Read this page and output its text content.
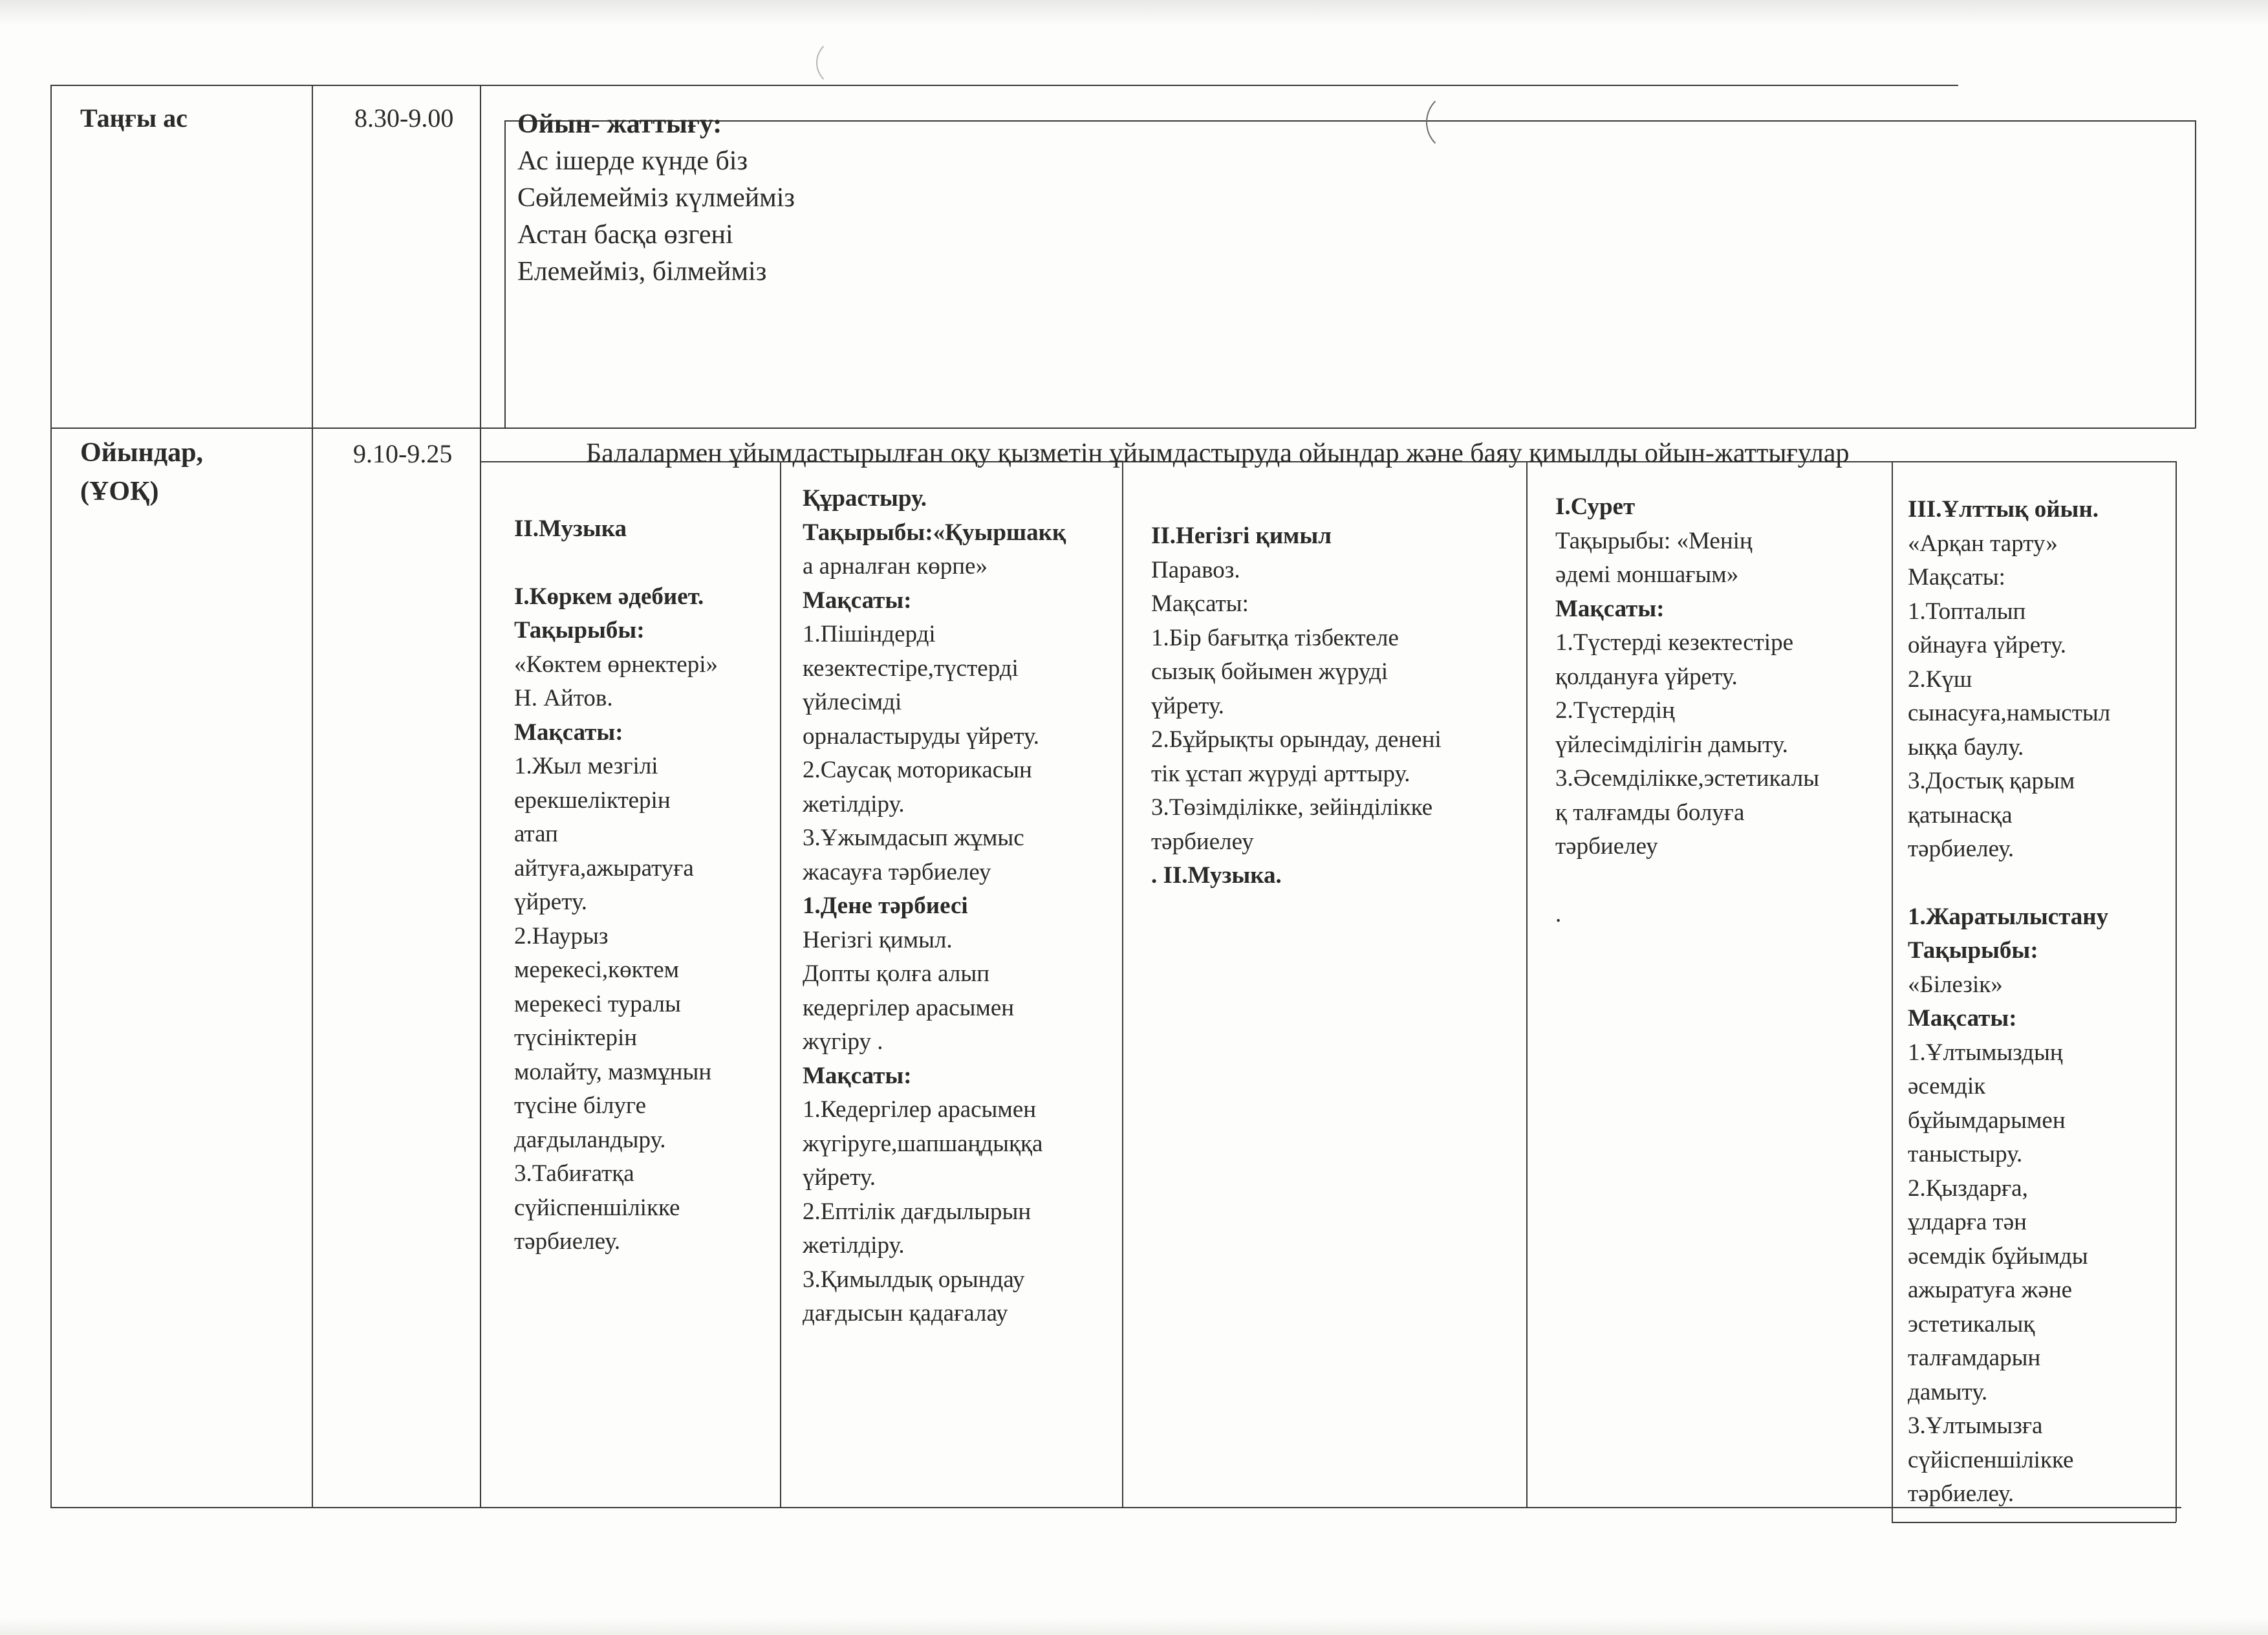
Таңғы ас	8.30-9.00 Ойын- жаттығу:
Ас ішерде күнде біз
Сөйлемейміз күлмейміз
Астан басқа өзгені
Елемейміз, білмейміз
Ойындар,
(ҰОҚ)
9.10-9.25	Балалармен ұйымдастырылған оқу қызметін ұйымдастыруда ойындар және баяу қимылды ойын-жаттығулар
ІІ.Музыка
І.Көркем әдебиет.
Тақырыбы:
«Көктем өрнектері»
Н. Айтов.
Мақсаты:
1.Жыл мезгілі
ерекшеліктерін
атап
айтуға,ажыратуға
үйрету.
2.Наурыз
мерекесі,көктем
мерекесі туралы
түсініктерін
молайту, мазмұнын
түсіне білуге
дағдыландыру.
3.Табиғатқа
сүйіспеншілікке
тәрбиелеу.
Құрастыру.
Тақырыбы:«Қуыршакқ
а арналған көрпе»
Мақсаты:
1.Пішіндерді
кезектестіре,түстерді
үйлесімді
орналастыруды үйрету.
2.Саусақ моторикасын
жетілдіру.
3.Ұжымдасып жұмыс
жасауға тәрбиелеу
1.Дене тәрбиесі
Негізгі қимыл.
Допты қолға алып
кедергілер арасымен
жүгіру .
Мақсаты:
1.Кедергілер арасымен
жүгіруге,шапшаңдыққа
үйрету.
2.Ептілік дағдылырын
жетілдіру.
3.Қимылдық орындау
дағдысын қадағалау
ІІ.Негізгі қимыл
Паравоз.
Мақсаты:
1.Бір бағытқа тізбектеле
сызық бойымен жүруді
үйрету.
2.Бұйрықты орындау, денені
тік ұстап жүруді арттыру.
3.Төзімділікке, зейінділікке
тәрбиелеу
. ІІ.Музыка.
І.Сурет
Тақырыбы: «Менің
әдемі моншағым»
Мақсаты:
1.Түстерді кезектестіре
қолдануға үйрету.
2.Түстердің
үйлесімділігін дамыту.
3.Әсемділікке,эстетикалы
қ талғамды болуға
тәрбиелеу
.
ІІІ.Ұлттық ойын.
«Арқан тарту»
Мақсаты:
1.Топталып
ойнауға үйрету.
2.Күш
сынасуға,намыстыл
ыққа баулу.
3.Достық қарым
қатынасқа
тәрбиелеу.
1.Жаратылыстану
Тақырыбы:
«Білезік»
Мақсаты:
1.Ұлтымыздың
әсемдік
бұйымдарымен
таныстыру.
2.Қыздарға,
ұлдарға тән
әсемдік бұйымды
ажыратуға және
эстетикалық
талғамдарын
дамыту.
3.Ұлтымызға
сүйіспеншілікке
тәрбиелеу.
